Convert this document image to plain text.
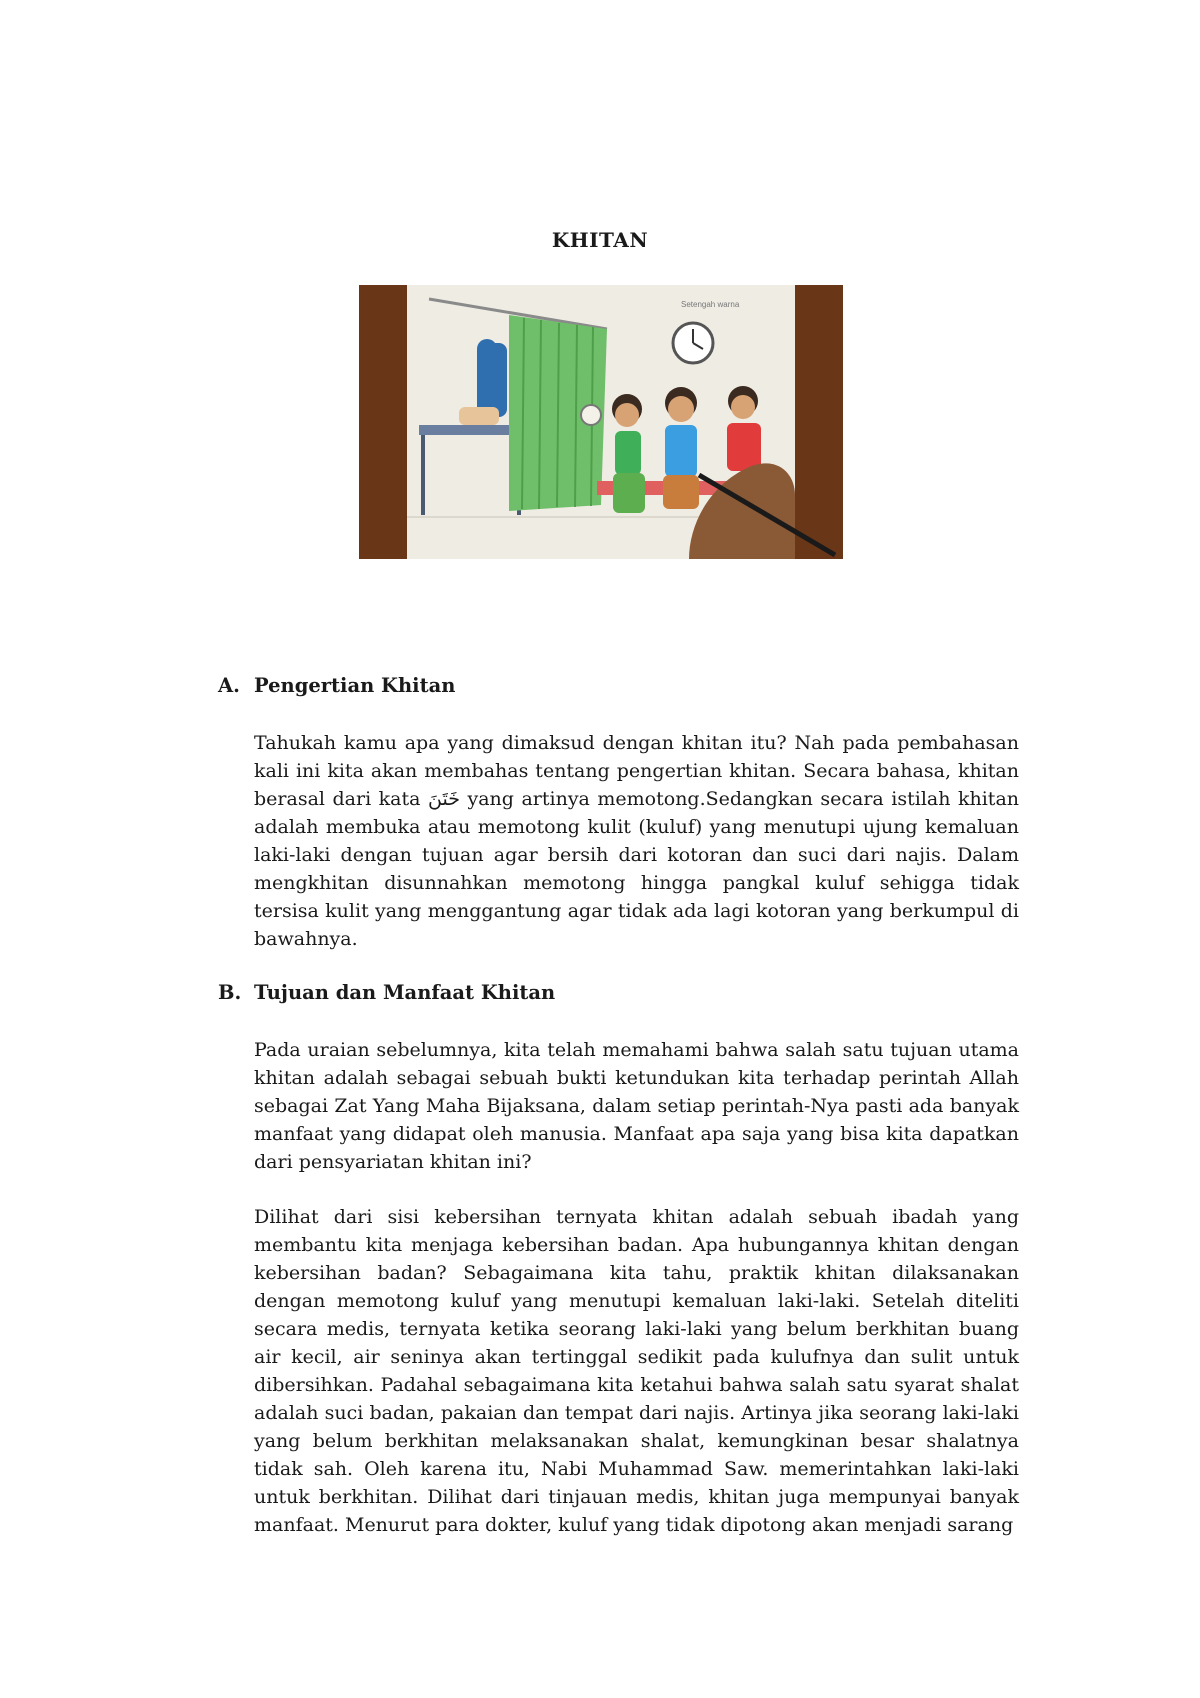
KHITAN
Setengah warna
A. Pengertian Khitan

Tahukah kamu apa yang dimaksud dengan khitan itu? Nah pada pembahasan kali ini kita akan membahas tentang pengertian khitan. Secara bahasa, khitan berasal dari kata خَتَنَ yang artinya memotong.Sedangkan secara istilah khitan adalah membuka atau memotong kulit (kuluf) yang menutupi ujung kemaluan laki-laki dengan tujuan agar bersih dari kotoran dan suci dari najis. Dalam mengkhitan disunnahkan memotong hingga pangkal kuluf sehigga tidak tersisa kulit yang menggantung agar tidak ada lagi kotoran yang berkumpul di bawahnya.

B. Tujuan dan Manfaat Khitan

Pada uraian sebelumnya, kita telah memahami bahwa salah satu tujuan utama khitan adalah sebagai sebuah bukti ketundukan kita terhadap perintah Allah sebagai Zat Yang Maha Bijaksana, dalam setiap perintah-Nya pasti ada banyak manfaat yang didapat oleh manusia. Manfaat apa saja yang bisa kita dapatkan dari pensyariatan khitan ini?

Dilihat dari sisi kebersihan ternyata khitan adalah sebuah ibadah yang membantu kita menjaga kebersihan badan. Apa hubungannya khitan dengan kebersihan badan? Sebagaimana kita tahu, praktik khitan dilaksanakan dengan memotong kuluf yang menutupi kemaluan laki-laki. Setelah diteliti secara medis, ternyata ketika seorang laki-laki yang belum berkhitan buang air kecil, air seninya akan tertinggal sedikit pada kulufnya dan sulit untuk dibersihkan. Padahal sebagaimana kita ketahui bahwa salah satu syarat shalat adalah suci badan, pakaian dan tempat dari najis. Artinya jika seorang laki-laki yang belum berkhitan melaksanakan shalat, kemungkinan besar shalatnya tidak sah. Oleh karena itu, Nabi Muhammad Saw. memerintahkan laki-laki untuk berkhitan. Dilihat dari tinjauan medis, khitan juga mempunyai banyak manfaat. Menurut para dokter, kuluf yang tidak dipotong akan menjadi sarang
